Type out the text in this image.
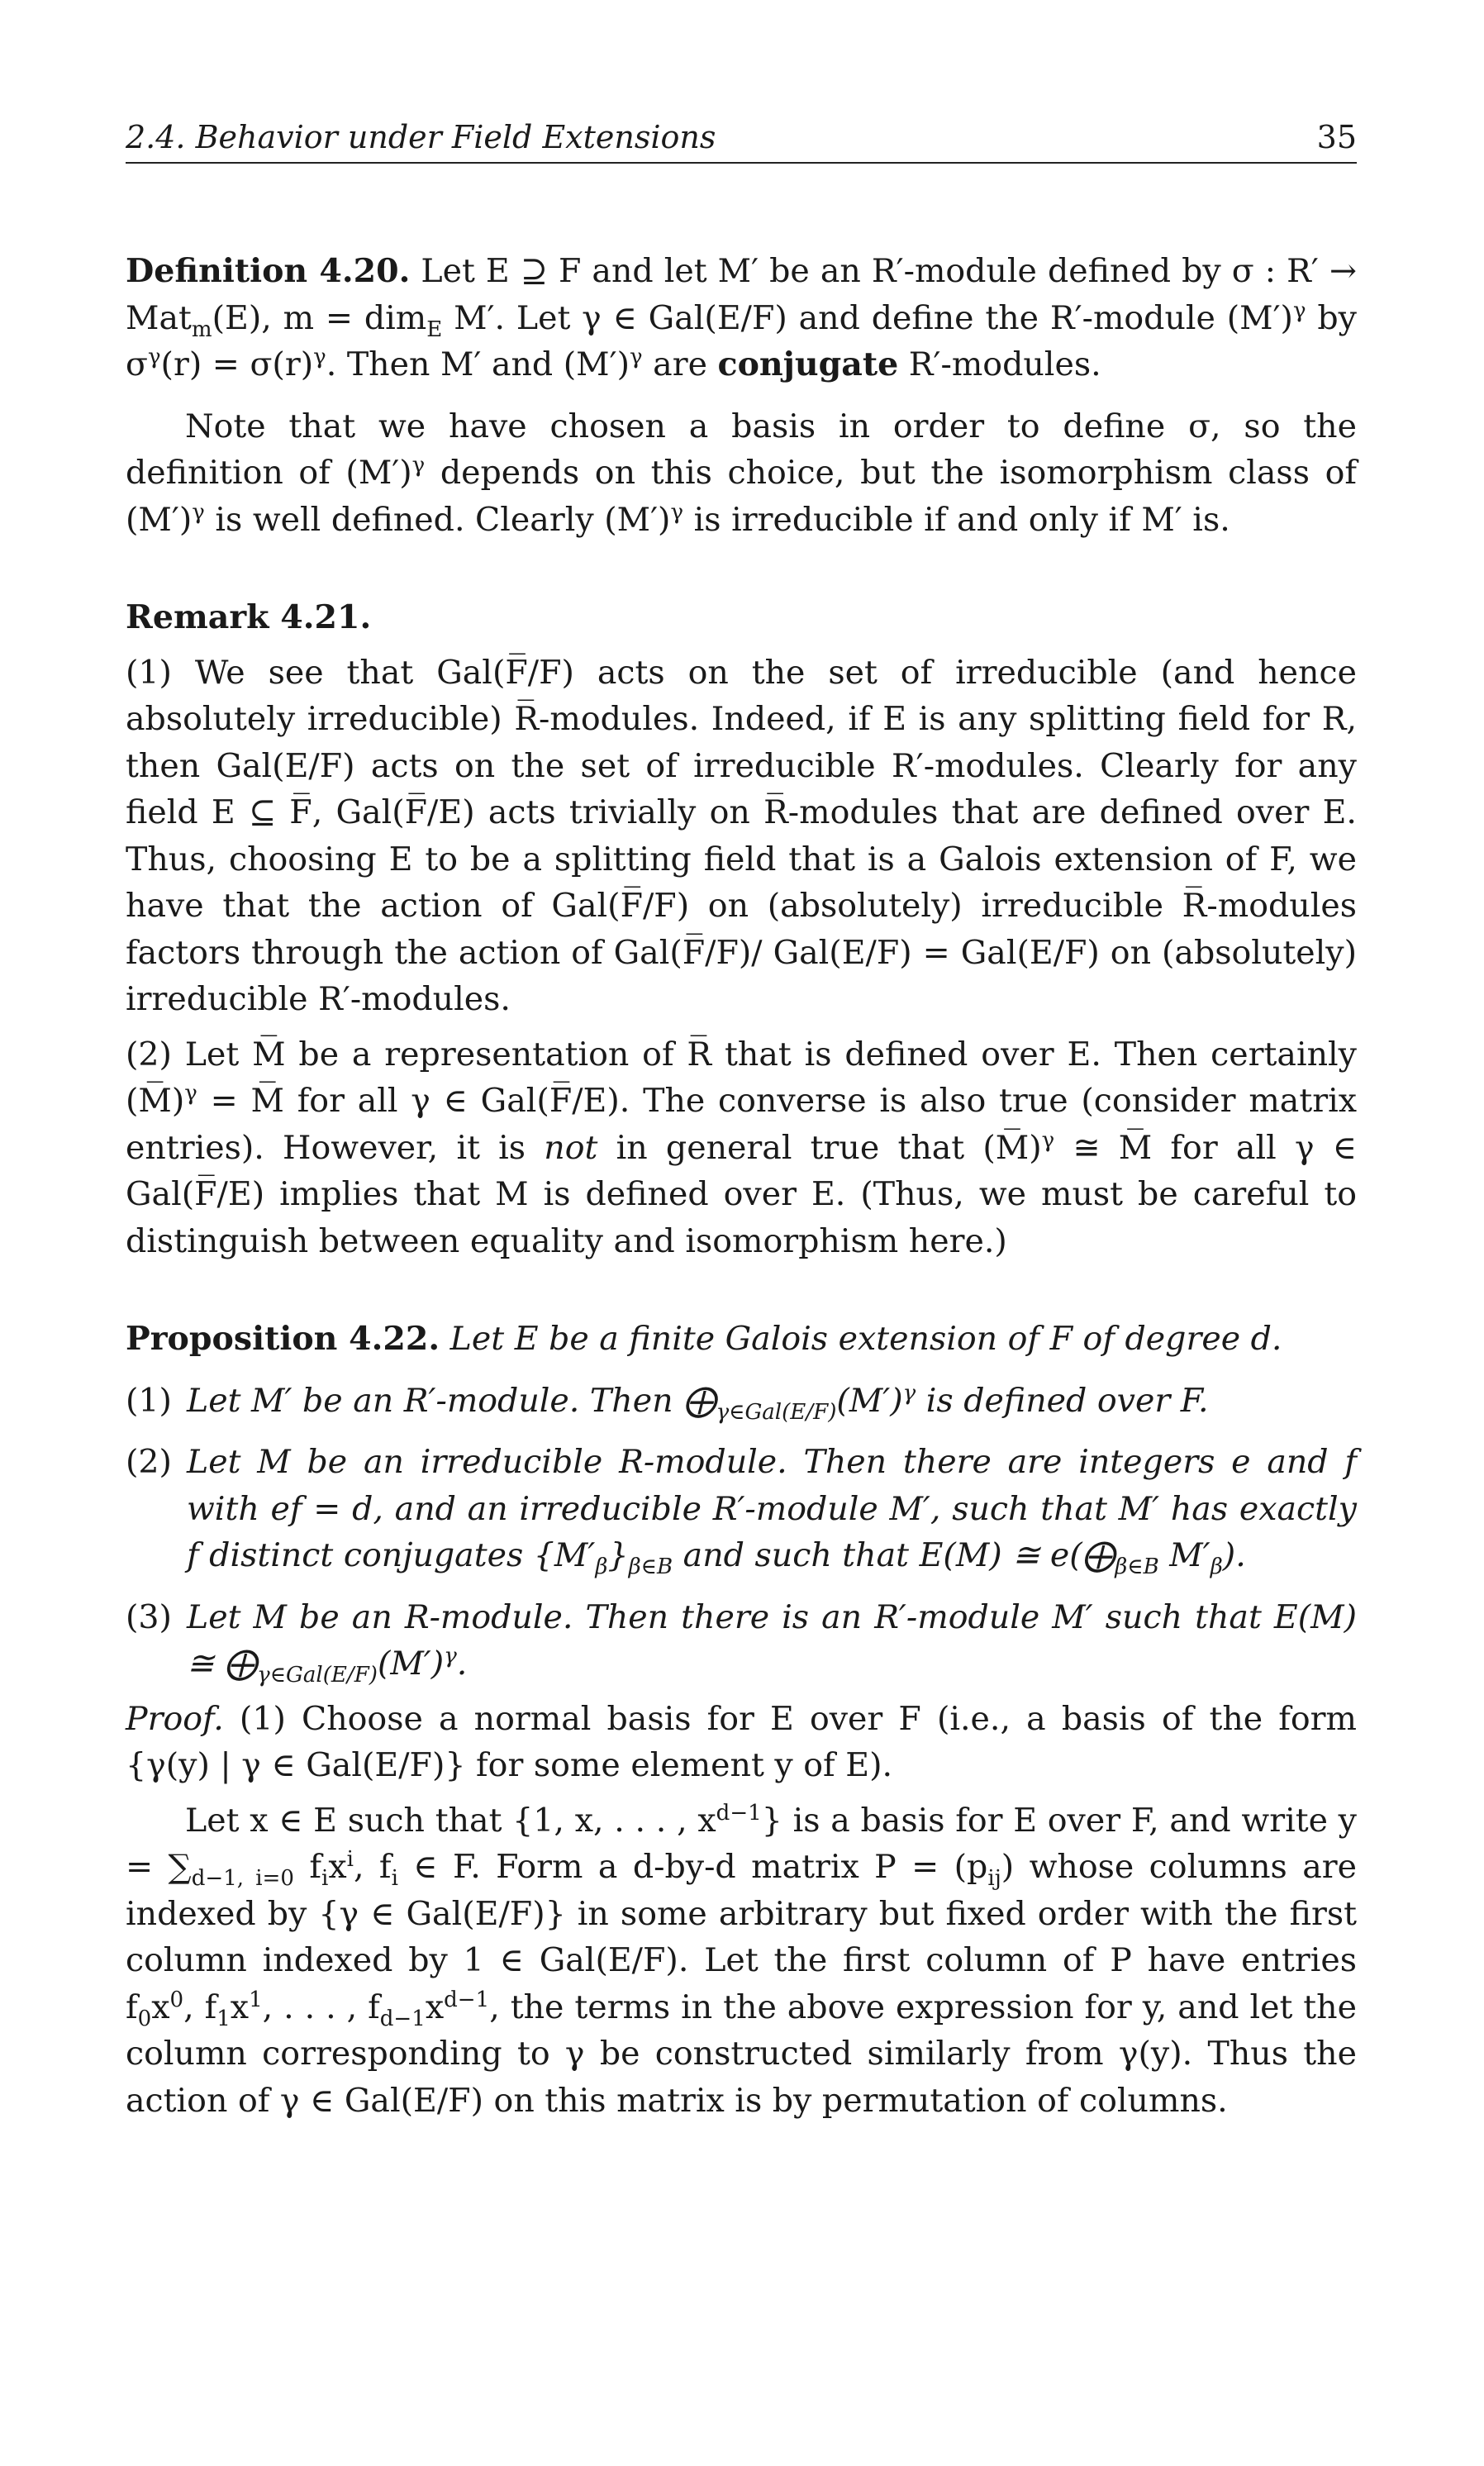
2.4. Behavior under Field Extensions	35

Definition 4.20. Let E ⊇ F and let M′ be an R′-module defined by σ : R′ → Mat$_m$(E), m = dim$_E$ M′. Let γ ∈ Gal(E/F) and define the R′-module $(M')^\gamma$ by $\sigma^\gamma(r) = \sigma(r)^\gamma$. Then M′ and $(M')^\gamma$ are conjugate R′-modules.

Note that we have chosen a basis in order to define σ, so the definition of $(M')^\gamma$ depends on this choice, but the isomorphism class of $(M')^\gamma$ is well defined. Clearly $(M')^\gamma$ is irreducible if and only if M′ is.

Remark 4.21.

(1) We see that Gal(F̅/F) acts on the set of irreducible (and hence absolutely irreducible) R̅-modules. Indeed, if E is any splitting field for R, then Gal(E/F) acts on the set of irreducible R′-modules. Clearly for any field E ⊆ F̅, Gal(F̅/E) acts trivially on R̅-modules that are defined over E. Thus, choosing E to be a splitting field that is a Galois extension of F, we have that the action of Gal(F̅/F) on (absolutely) irreducible R̅-modules factors through the action of Gal(F̅/F)/ Gal(E/F) = Gal(E/F) on (absolutely) irreducible R′-modules.

(2) Let M̅ be a representation of R̅ that is defined over E. Then certainly (M̅)$^\gamma$ = M̅ for all γ ∈ Gal(F̅/E). The converse is also true (consider matrix entries). However, it is not in general true that (M̅)$^\gamma$ ≅ M̅ for all γ ∈ Gal(F̅/E) implies that M is defined over E. (Thus, we must be careful to distinguish between equality and isomorphism here.)

Proposition 4.22. Let E be a finite Galois extension of F of degree d.

(1) Let M′ be an R′-module. Then $⨁_{\gamma\in Gal(E/F)}(M')^\gamma$ is defined over F.
(2) Let M be an irreducible R-module. Then there are integers e and f with ef = d, and an irreducible R′-module M′, such that M′ has exactly f distinct conjugates $\{M'_\beta\}_{\beta\in B}$ and such that E(M) ≅ $e(⨁_{\beta\in B}$ $M'_\beta$).
(3) Let M be an R-module. Then there is an R′-module M′ such that E(M) ≅ $⨁_{\gamma\in Gal(E/F)}(M')^\gamma$.

Proof. (1) Choose a normal basis for E over F (i.e., a basis of the form {γ(y) | γ ∈ Gal(E/F)} for some element y of E).

Let x ∈ E such that {1, x, . . . , $x^{d-1}$} is a basis for E over F, and write $y = \sum_{d-1, i=0}$ $f_ix^i$, $f_i$ ∈ F. Form a d-by-d matrix $P = (p_{ij})$ whose columns are indexed by {γ ∈ Gal(E/F)} in some arbitrary but fixed order with the first column indexed by 1 ∈ Gal(E/F). Let the first column of P have entries $f_0x^0$, $f_1x^1$, . . . , $f_{d-1}x^{d-1}$, the terms in the above expression for y, and let the column corresponding to γ be constructed similarly from γ(y). Thus the action of γ ∈ Gal(E/F) on this matrix is by permutation of columns.
